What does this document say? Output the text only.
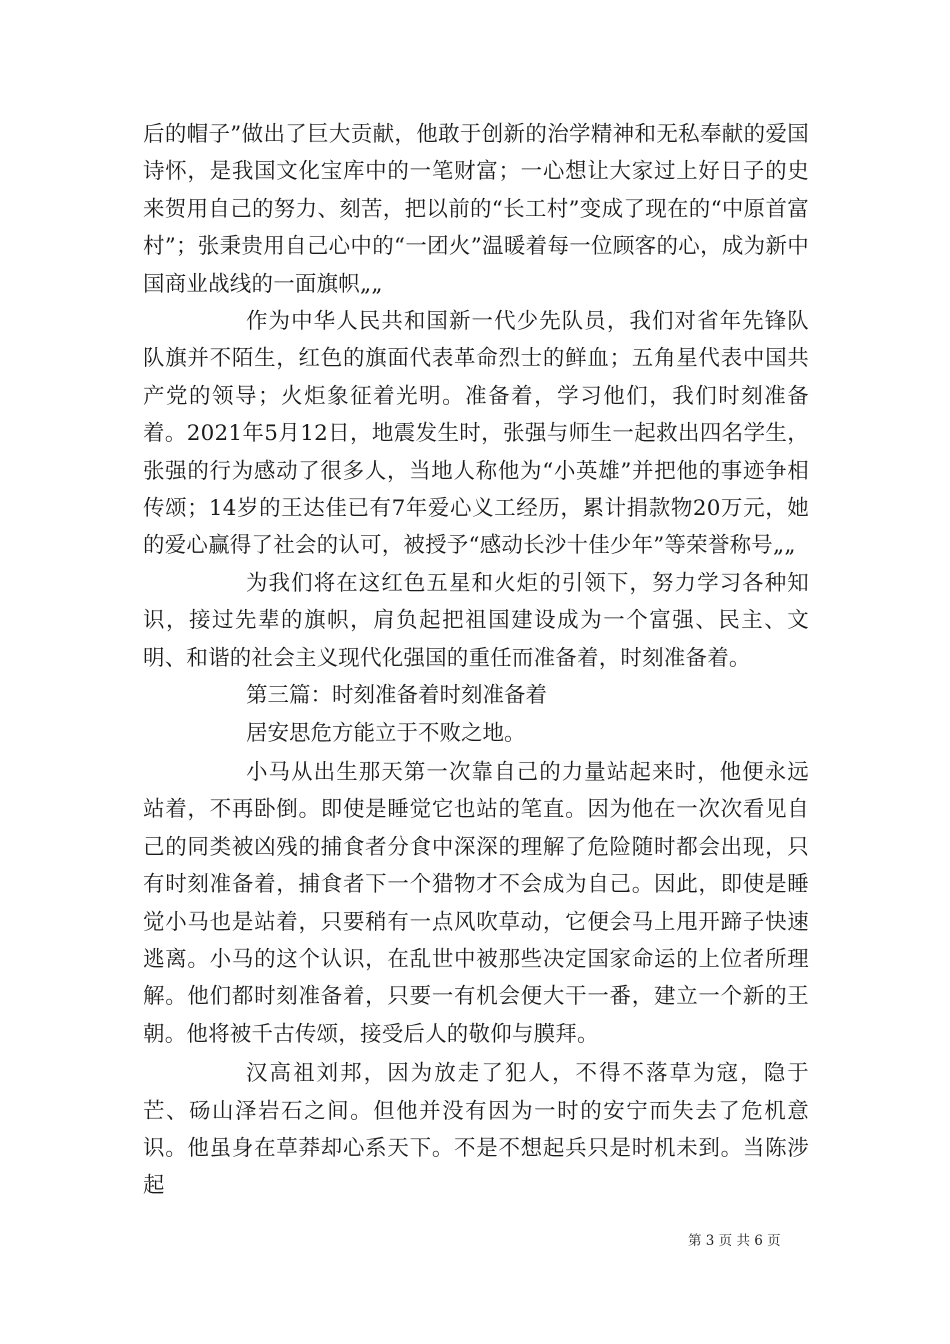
后的帽子”做出了巨大贡献，他敢于创新的治学精神和无私奉献的爱国诗怀，是我国文化宝库中的一笔财富；一心想让大家过上好日子的史来贺用自己的努力、刻苦，把以前的“长工村”变成了现在的“中原首富村”；张秉贵用自己心中的“一团火”温暖着每一位顾客的心，成为新中国商业战线的一面旗帜„„

作为中华人民共和国新一代少先队员，我们对省年先锋队队旗并不陌生，红色的旗面代表革命烈士的鲜血；五角星代表中国共产党的领导；火炬象征着光明。准备着，学习他们，我们时刻准备着。2021年5月12日，地震发生时，张强与师生一起救出四名学生，张强的行为感动了很多人，当地人称他为“小英雄”并把他的事迹争相传颂；14岁的王达佳已有7年爱心义工经历，累计捐款物20万元，她的爱心赢得了社会的认可，被授予“感动长沙十佳少年”等荣誉称号„„

为我们将在这红色五星和火炬的引领下，努力学习各种知识，接过先辈的旗帜，肩负起把祖国建设成为一个富强、民主、文明、和谐的社会主义现代化强国的重任而准备着，时刻准备着。

第三篇：时刻准备着时刻准备着

居安思危方能立于不败之地。

小马从出生那天第一次靠自己的力量站起来时，他便永远站着，不再卧倒。即使是睡觉它也站的笔直。因为他在一次次看见自己的同类被凶残的捕食者分食中深深的理解了危险随时都会出现，只有时刻准备着，捕食者下一个猎物才不会成为自己。因此，即使是睡觉小马也是站着，只要稍有一点风吹草动，它便会马上甩开蹄子快速逃离。小马的这个认识，在乱世中被那些决定国家命运的上位者所理解。他们都时刻准备着，只要一有机会便大干一番，建立一个新的王朝。他将被千古传颂，接受后人的敬仰与膜拜。

汉高祖刘邦，因为放走了犯人，不得不落草为寇，隐于芒、砀山泽岩石之间。但他并没有因为一时的安宁而失去了危机意识。他虽身在草莽却心系天下。不是不想起兵只是时机未到。当陈涉起

第 3 页 共 6 页
